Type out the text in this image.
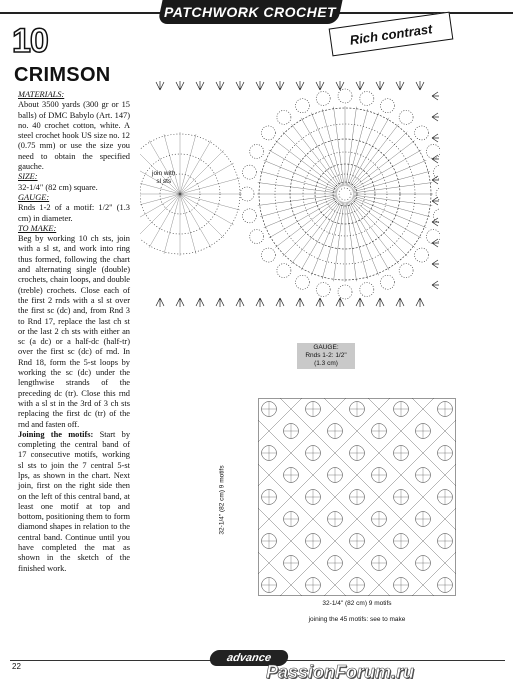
PATCHWORK CROCHET
Rich contrast
10
CRIMSON

MATERIALS:

About 3500 yards (300 gr or 15 balls) of DMC Babylo (Art. 147) no. 40 crochet cotton, white. A steel crochet hook US size no. 12 (0.75 mm) or use the size you need to obtain the specified gauche.

SIZE:

32-1/4" (82 cm) square.

GAUGE:

Rnds 1-2 of a motif: 1/2" (1.3 cm) in diameter.

TO MAKE:

Beg by working 10 ch sts, join with a sl st, and work into ring thus formed, following the chart and alternating single (double) crochets, chain loops, and double (treble) crochets. Close each of the first 2 rnds with a sl st over the first sc (dc) and, from Rnd 3 to Rnd 17, replace the last ch st or the last 2 ch sts with either an sc (a dc) or a half-dc (half-tr) over the first sc (dc) of rnd. In Rnd 18, form the 5-st loops by working the sc (dc) under the lengthwise strands of the preceding dc (tr). Close this rnd with a sl st in the 3rd of 3 ch sts replacing the first dc (tr) of the rnd and fasten off.

Joining the motifs: Start by completing the central band of 17 consecutive motifs, working sl sts to join the 7 central 5-st lps, as shown in the chart. Next join, first on the right side then on the left of this central band, at least one motif at top and bottom, positioning them to form diamond shapes in relation to the central band. Continue until you have completed the mat as shown in the sketch of the finished work.

join with
sl sts
GAUGE:
Rnds 1-2: 1/2"
(1.3 cm)
32-1/4" (82 cm) 9 motifs
32-1/4" (82 cm) 9 motifs
joining the 45 motifs: see to make
22
advance
PassionForum.ru
